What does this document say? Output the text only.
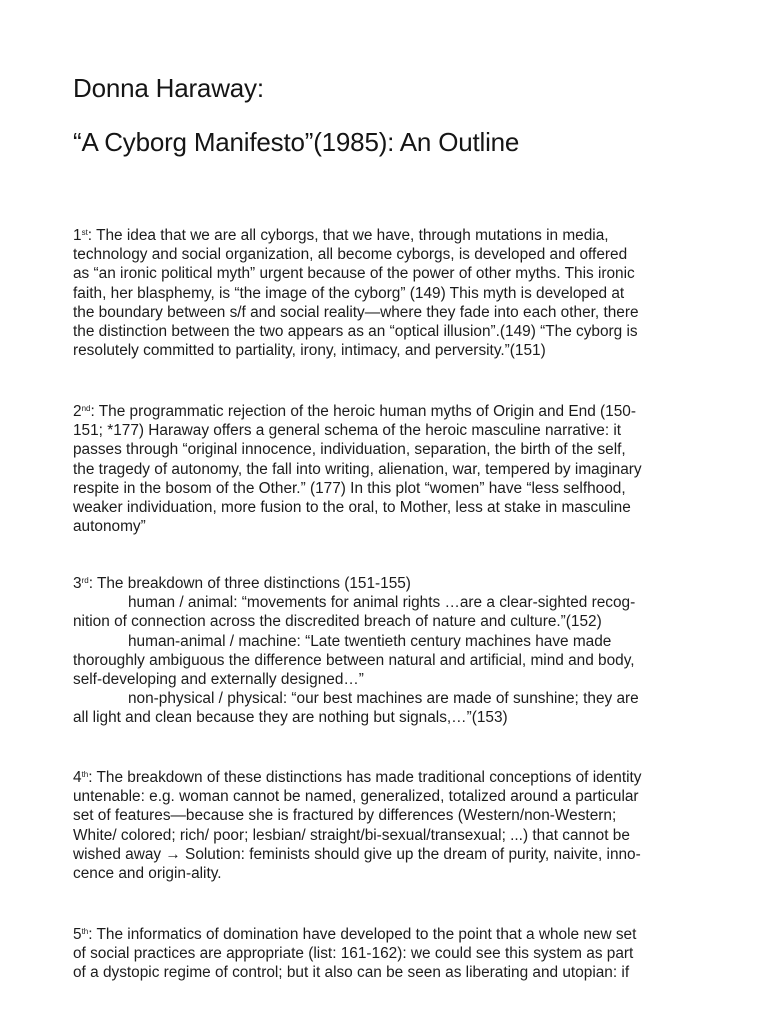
Donna Haraway:
“A Cyborg Manifesto”(1985): An Outline
1st: The idea that we are all cyborgs, that we have, through mutations in media,
technology and social organization, all become cyborgs, is developed and offered
as “an ironic political myth” urgent because of the power of other myths. This ironic
faith, her blasphemy, is “the image of the cyborg” (149) This myth is developed at
the boundary between s/f and social reality—where they fade into each other, there
the distinction between the two appears as an “optical illusion”.(149) “The cyborg is
resolutely committed to partiality, irony, intimacy, and perversity.”(151)
2nd: The programmatic rejection of the heroic human myths of Origin and End (150-
151; *177) Haraway offers a general schema of the heroic masculine narrative: it
passes through “original innocence, individuation, separation, the birth of the self,
the tragedy of autonomy, the fall into writing, alienation, war, tempered by imaginary
respite in the bosom of the Other.” (177) In this plot “women” have “less selfhood,
weaker individuation, more fusion to the oral, to Mother, less at stake in masculine
autonomy”
3rd: The breakdown of three distinctions (151-155)
human / animal: “movements for animal rights …are a clear-sighted recog-
nition of connection across the discredited breach of nature and culture.”(152)
human-animal / machine: “Late twentieth century machines have made
thoroughly ambiguous the difference between natural and artificial, mind and body,
self-developing and externally designed…”
non-physical / physical: “our best machines are made of sunshine; they are
all light and clean because they are nothing but signals,…”(153)
4th: The breakdown of these distinctions has made traditional conceptions of identity
untenable: e.g. woman cannot be named, generalized, totalized around a particular
set of features—because she is fractured by differences (Western/non-Western;
White/ colored; rich/ poor; lesbian/ straight/bi-sexual/transexual; ...) that cannot be
wished away → Solution: feminists should give up the dream of purity, naivite, inno-
cence and origin-ality.
5th: The informatics of domination have developed to the point that a whole new set
of social practices are appropriate (list: 161-162): we could see this system as part
of a dystopic regime of control; but it also can be seen as liberating and utopian: if
